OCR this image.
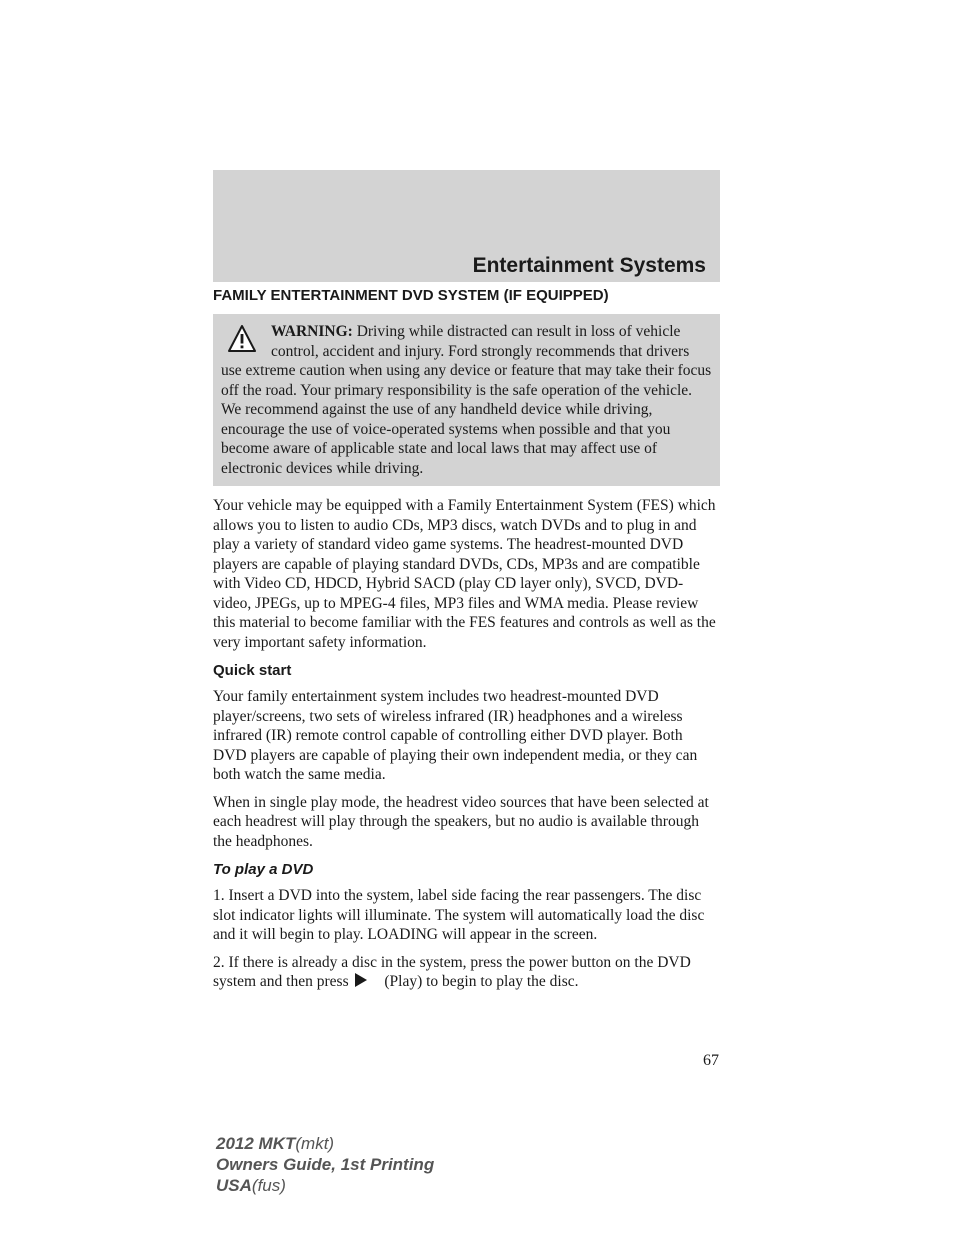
Entertainment Systems
FAMILY ENTERTAINMENT DVD SYSTEM (IF EQUIPPED)
WARNING: Driving while distracted can result in loss of vehicle control, accident and injury. Ford strongly recommends that drivers use extreme caution when using any device or feature that may take their focus off the road. Your primary responsibility is the safe operation of the vehicle. We recommend against the use of any handheld device while driving, encourage the use of voice-operated systems when possible and that you become aware of applicable state and local laws that may affect use of electronic devices while driving.

Your vehicle may be equipped with a Family Entertainment System (FES) which allows you to listen to audio CDs, MP3 discs, watch DVDs and to plug in and play a variety of standard video game systems. The headrest-mounted DVD players are capable of playing standard DVDs, CDs, MP3s and are compatible with Video CD, HDCD, Hybrid SACD (play CD layer only), SVCD, DVD-video, JPEGs, up to MPEG-4 files, MP3 files and WMA media. Please review this material to become familiar with the FES features and controls as well as the very important safety information.

Quick start

Your family entertainment system includes two headrest-mounted DVD player/screens, two sets of wireless infrared (IR) headphones and a wireless infrared (IR) remote control capable of controlling either DVD player. Both DVD players are capable of playing their own independent media, or they can both watch the same media.

When in single play mode, the headrest video sources that have been selected at each headrest will play through the speakers, but no audio is available through the headphones.

To play a DVD

1. Insert a DVD into the system, label side facing the rear passengers. The disc slot indicator lights will illuminate. The system will automatically load the disc and it will begin to play. LOADING will appear in the screen.

2. If there is already a disc in the system, press the power button on the DVD system and then press (Play) to begin to play the disc.

67
2012 MKT(mkt)
Owners Guide, 1st Printing
USA(fus)
